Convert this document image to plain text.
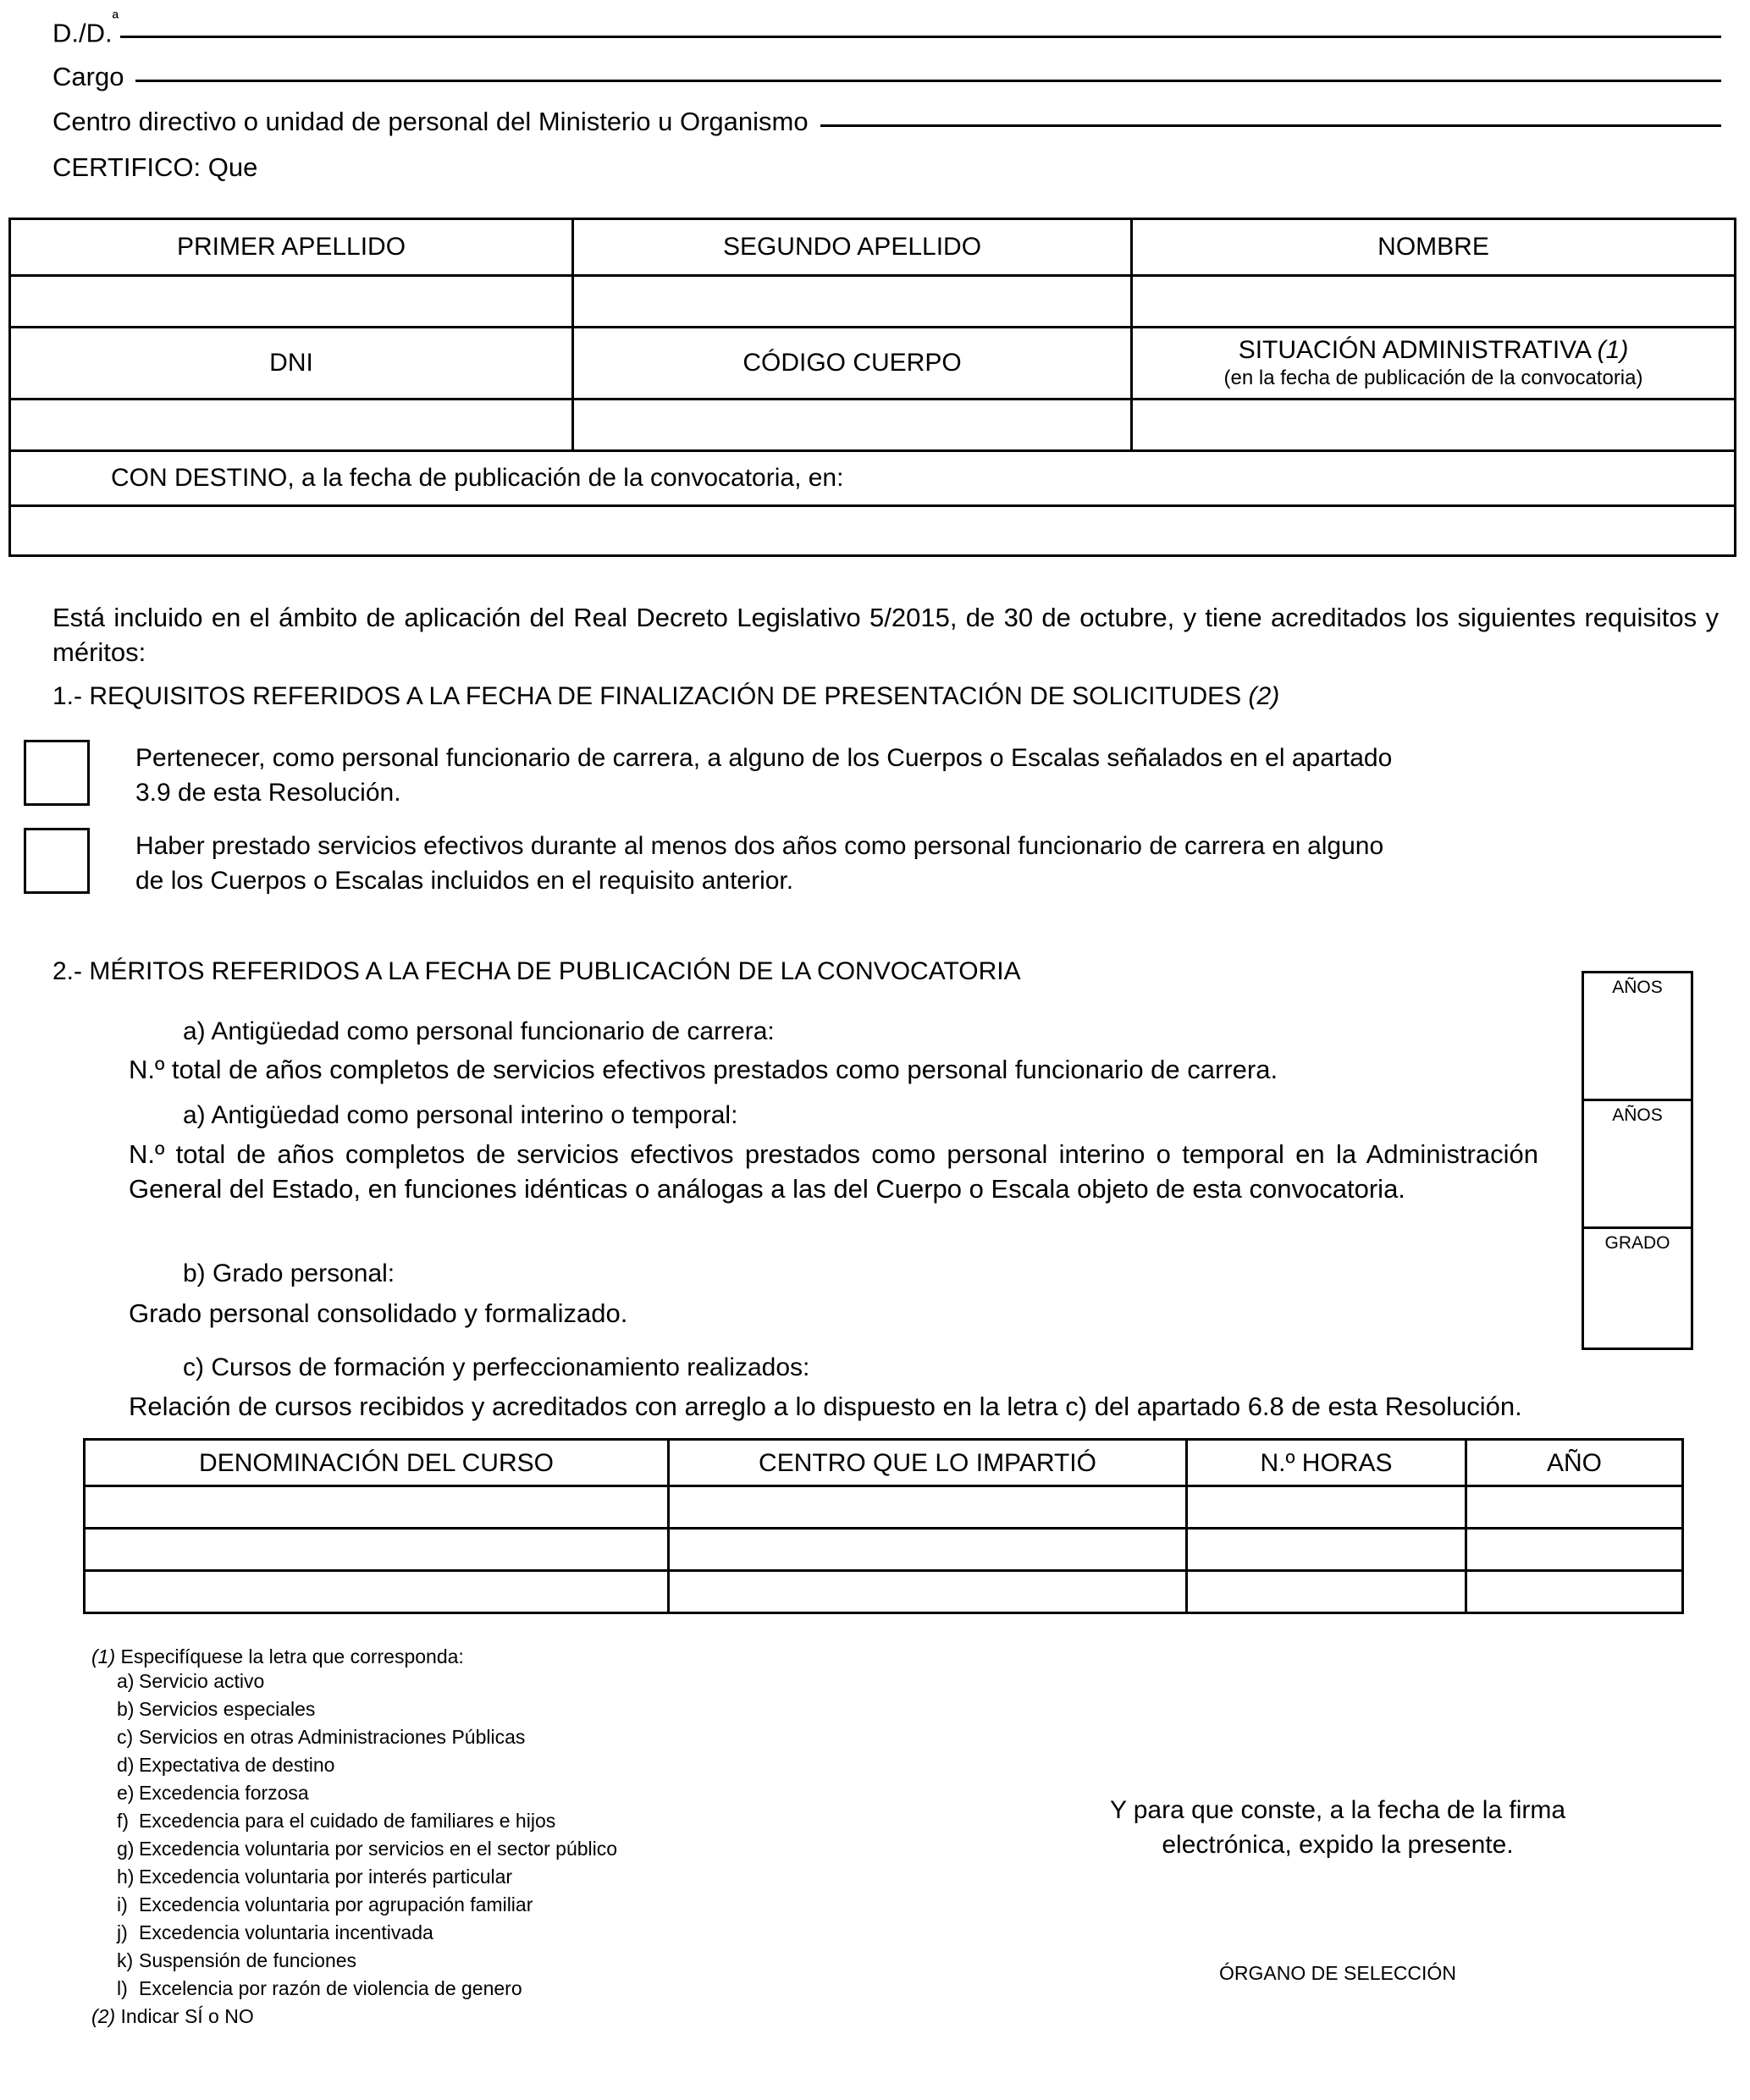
D./D.$^ª$
Cargo
Centro directivo o unidad de personal del Ministerio u Organismo
CERTIFICO: Que
PRIMER APELLIDO	SEGUNDO APELLIDO	NOMBRE

DNI	CÓDIGO CUERPO	SITUACIÓN ADMINISTRATIVA (1)
(en la fecha de publicación de la convocatoria)

CON DESTINO, a la fecha de publicación de la convocatoria, en:		

Está incluido en el ámbito de aplicación del Real Decreto Legislativo 5/2015, de 30 de octubre, y tiene acreditados los siguientes requisitos y méritos:
1.- REQUISITOS REFERIDOS A LA FECHA DE FINALIZACIÓN DE PRESENTACIÓN DE SOLICITUDES (2)
Pertenecer, como personal funcionario de carrera, a alguno de los Cuerpos o Escalas señalados en el apartado 3.9 de esta Resolución.
Haber prestado servicios efectivos durante al menos dos años como personal funcionario de carrera en alguno de los Cuerpos o Escalas incluidos en el requisito anterior.
2.- MÉRITOS REFERIDOS A LA FECHA DE PUBLICACIÓN DE LA CONVOCATORIA
a) Antigüedad como personal funcionario de carrera:
N.º total de años completos de servicios efectivos prestados como personal funcionario de carrera.
a) Antigüedad como personal interino o temporal:
N.º total de años completos de servicios efectivos prestados como personal interino o temporal en la Administración General del Estado, en funciones idénticas o análogas a las del Cuerpo o Escala objeto de esta convocatoria.
b) Grado personal:
Grado personal consolidado y formalizado.
c) Cursos de formación y perfeccionamiento realizados:
Relación de cursos recibidos y acreditados con arreglo a lo dispuesto en la letra c) del apartado 6.8 de esta Resolución.
AÑOS
AÑOS
GRADO
DENOMINACIÓN DEL CURSO	CENTRO QUE LO IMPARTIÓ	N.º HORAS	AÑO

(1) Especifíquese la letra que corresponda:

a) Servicio activo
b) Servicios especiales
c) Servicios en otras Administraciones Públicas
d) Expectativa de destino
e) Excedencia forzosa
f) Excedencia para el cuidado de familiares e hijos
g) Excedencia voluntaria por servicios en el sector público
h) Excedencia voluntaria por interés particular
i) Excedencia voluntaria por agrupación familiar
j) Excedencia voluntaria incentivada
k) Suspensión de funciones
l) Excelencia por razón de violencia de genero

(2) Indicar SÍ o NO

Y para que conste, a la fecha de la firma
electrónica, expido la presente.
ÓRGANO DE SELECCIÓN
